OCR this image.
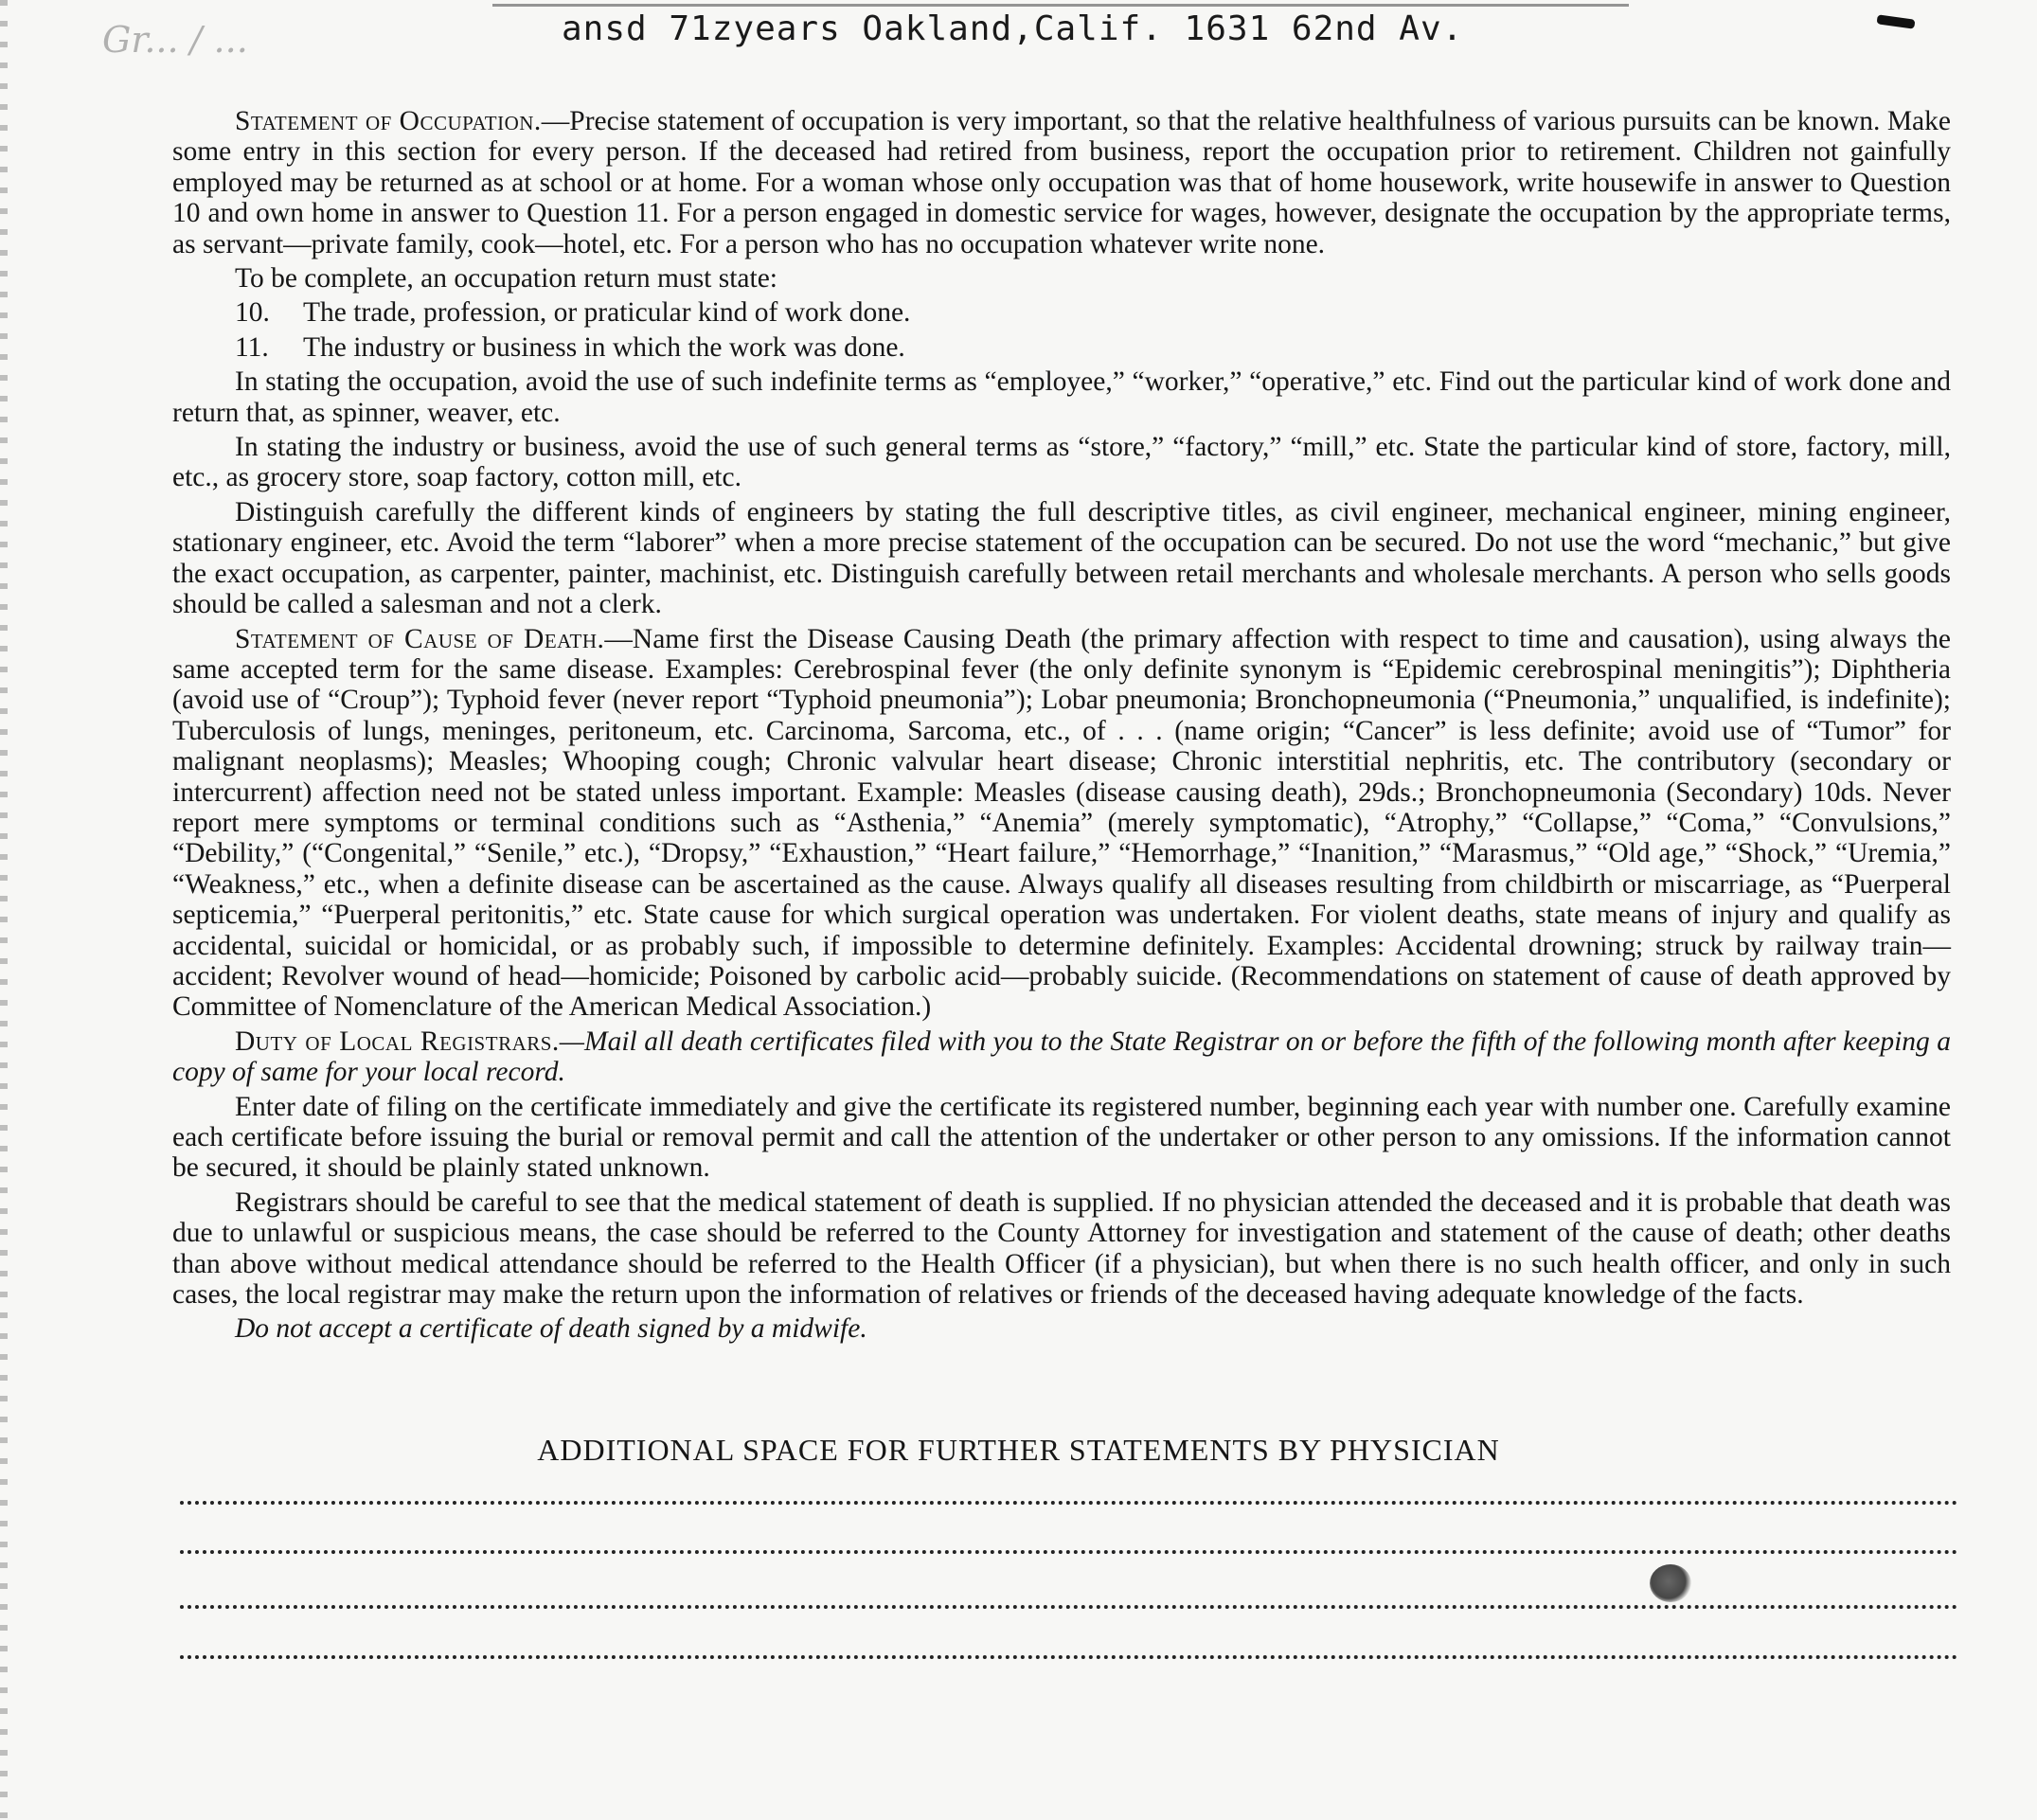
Gr... / ...	ansd 71zyears Oakland,Calif. 1631 62nd Av.

Statement of Occupation.—Precise statement of occupation is very important, so that the relative healthfulness of various pursuits can be known. Make some entry in this section for every person. If the deceased had retired from business, report the occupation prior to retirement. Children not gainfully employed may be returned as at school or at home. For a woman whose only occupation was that of home housework, write housewife in answer to Question 10 and own home in answer to Question 11. For a person engaged in domestic service for wages, however, designate the occupation by the appropriate terms, as servant—private family, cook—hotel, etc. For a person who has no occupation whatever write none.

To be complete, an occupation return must state:

10. The trade, profession, or praticular kind of work done.

11. The industry or business in which the work was done.

In stating the occupation, avoid the use of such indefinite terms as “employee,” “worker,” “operative,” etc. Find out the particular kind of work done and return that, as spinner, weaver, etc.

In stating the industry or business, avoid the use of such general terms as “store,” “factory,” “mill,” etc. State the particular kind of store, factory, mill, etc., as grocery store, soap factory, cotton mill, etc.

Distinguish carefully the different kinds of engineers by stating the full descriptive titles, as civil engineer, mechanical engineer, mining engineer, stationary engineer, etc. Avoid the term “laborer” when a more precise statement of the occupation can be secured. Do not use the word “mechanic,” but give the exact occupation, as carpenter, painter, machinist, etc. Distinguish carefully between retail merchants and wholesale merchants. A person who sells goods should be called a salesman and not a clerk.

Statement of Cause of Death.—Name first the Disease Causing Death (the primary affection with respect to time and causation), using always the same accepted term for the same disease. Examples: Cerebrospinal fever (the only definite synonym is “Epidemic cerebrospinal meningitis”); Diphtheria (avoid use of “Croup”); Typhoid fever (never report “Typhoid pneumonia”); Lobar pneumonia; Bronchopneumonia (“Pneumonia,” unqualified, is indefinite); Tuberculosis of lungs, meninges, peritoneum, etc. Carcinoma, Sarcoma, etc., of . . . (name origin; “Cancer” is less definite; avoid use of “Tumor” for malignant neoplasms); Measles; Whooping cough; Chronic valvular heart disease; Chronic interstitial nephritis, etc. The contributory (secondary or intercurrent) affection need not be stated unless important. Example: Measles (disease causing death), 29ds.; Bronchopneumonia (Secondary) 10ds. Never report mere symptoms or terminal conditions such as “Asthenia,” “Anemia” (merely symptomatic), “Atrophy,” “Collapse,” “Coma,” “Convulsions,” “Debility,” (“Congenital,” “Senile,” etc.), “Dropsy,” “Exhaustion,” “Heart failure,” “Hemorrhage,” “Inanition,” “Marasmus,” “Old age,” “Shock,” “Uremia,” “Weakness,” etc., when a definite disease can be ascertained as the cause. Always qualify all diseases resulting from childbirth or miscarriage, as “Puerperal septicemia,” “Puerperal peritonitis,” etc. State cause for which surgical operation was undertaken. For violent deaths, state means of injury and qualify as accidental, suicidal or homicidal, or as probably such, if impossible to determine definitely. Examples: Accidental drowning; struck by railway train—accident; Revolver wound of head—homicide; Poisoned by carbolic acid—probably suicide. (Recommendations on statement of cause of death approved by Committee of Nomenclature of the American Medical Association.)

Duty of Local Registrars.—Mail all death certificates filed with you to the State Registrar on or before the fifth of the following month after keeping a copy of same for your local record.

Enter date of filing on the certificate immediately and give the certificate its registered number, beginning each year with number one. Carefully examine each certificate before issuing the burial or removal permit and call the attention of the undertaker or other person to any omissions. If the information cannot be secured, it should be plainly stated unknown.

Registrars should be careful to see that the medical statement of death is supplied. If no physician attended the deceased and it is probable that death was due to unlawful or suspicious means, the case should be referred to the County Attorney for investigation and statement of the cause of death; other deaths than above without medical attendance should be referred to the Health Officer (if a physician), but when there is no such health officer, and only in such cases, the local registrar may make the return upon the information of relatives or friends of the deceased having adequate knowledge of the facts.

Do not accept a certificate of death signed by a midwife.

ADDITIONAL SPACE FOR FURTHER STATEMENTS BY PHYSICIAN
